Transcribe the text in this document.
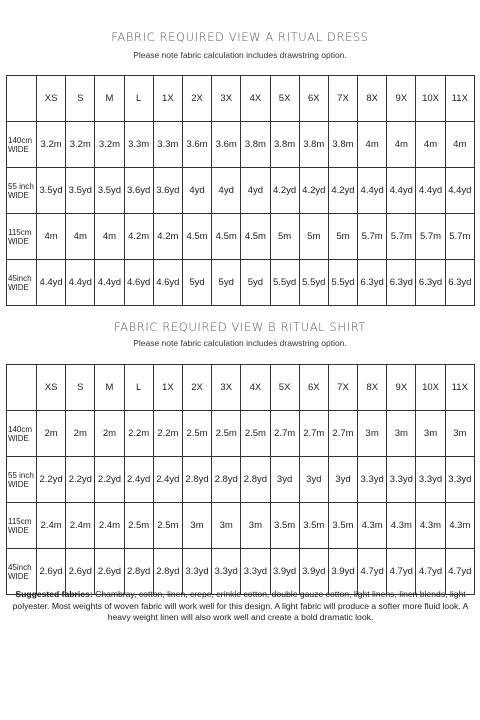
FABRIC REQUIRED VIEW A RITUAL DRESS
Please note fabric calculation includes drawstring option.
	XS	S	M	L	1X	2X	3X	4X	5X	6X	7X	8X	9X	10X	11X
140cm WIDE	3.2m	3.2m	3.2m	3.3m	3.3m	3.6m	3.6m	3.8m	3.8m	3.8m	3.8m	4m	4m	4m	4m
55 inch WIDE	3.5yd	3.5yd	3.5yd	3.6yd	3.6yd	4yd	4yd	4yd	4.2yd	4.2yd	4.2yd	4.4yd	4.4yd	4.4yd	4.4yd
115cm WIDE	4m	4m	4m	4.2m	4.2m	4.5m	4.5m	4.5m	5m	5m	5m	5.7m	5.7m	5.7m	5.7m
45inch WIDE	4.4yd	4.4yd	4.4yd	4.6yd	4.6yd	5yd	5yd	5yd	5.5yd	5.5yd	5.5yd	6.3yd	6.3yd	6.3yd	6.3yd
FABRIC REQUIRED VIEW B RITUAL SHIRT
Please note fabric calculation includes drawstring option.
	XS	S	M	L	1X	2X	3X	4X	5X	6X	7X	8X	9X	10X	11X
140cm WIDE	2m	2m	2m	2.2m	2.2m	2.5m	2.5m	2.5m	2.7m	2.7m	2.7m	3m	3m	3m	3m
55 inch WIDE	2.2yd	2.2yd	2.2yd	2.4yd	2.4yd	2.8yd	2.8yd	2.8yd	3yd	3yd	3yd	3.3yd	3.3yd	3.3yd	3.3yd
115cm WIDE	2.4m	2.4m	2.4m	2.5m	2.5m	3m	3m	3m	3.5m	3.5m	3.5m	4.3m	4.3m	4.3m	4.3m
45inch WIDE	2.6yd	2.6yd	2.6yd	2.8yd	2.8yd	3.3yd	3.3yd	3.3yd	3.9yd	3.9yd	3.9yd	4.7yd	4.7yd	4.7yd	4.7yd
Suggested fabrics: Chambray, cotton, linen, crepe, crinkle cotton, double gauze cotton, light linens, linen blends, light polyester. Most weights of woven fabric will work well for this design. A light fabric will produce a softer more fluid look. A heavy weight linen will also work well and create a bold dramatic look.
